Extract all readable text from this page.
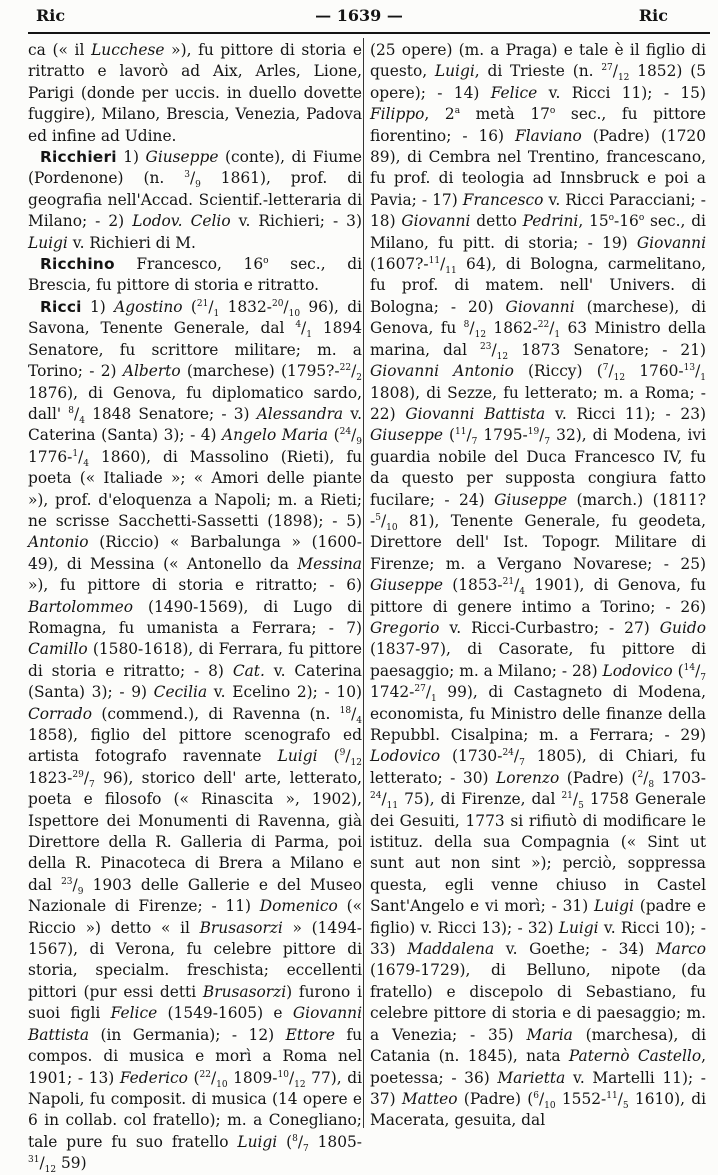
Ric	— 1639 —	Ric

ca (« il Lucchese »), fu pittore di storia e ritratto e lavorò ad Aix, Arles, Lione, Parigi (donde per uccis. in duello dovette fuggire), Milano, Brescia, Venezia, Padova ed infine ad Udine.

Ricchieri 1) Giuseppe (conte), di Fiume (Pordenone) (n. $^3/_9$ 1861), prof. di geografia nell'Accad. Scientif.-letteraria di Milano; - 2) Lodov. Celio v. Richieri; - 3) Luigi v. Richieri di M.

Ricchino Francesco, 16$^o$ sec., di Brescia, fu pittore di storia e ritratto.

Ricci 1) Agostino ($^{21}/_1$ $1832-^{20}/_{10}$ 96), di Savona, Tenente Generale, dal $^4/_1$ 1894 Senatore, fu scrittore militare; m. a Torino; - 2) Alberto (marchese) ($1795?-^{22}/_2$ 1876), di Genova, fu diplomatico sardo, dall' $^8/_4$ 1848 Senatore; - 3) Alessandra v. Caterina (Santa) 3); - 4) Angelo Maria ($^{24}/_9$ $1776-^1/_4$ 1860), di Massolino (Rieti), fu poeta (« Italiade »; « Amori delle piante »), prof. d'eloquenza a Napoli; m. a Rieti; ne scrisse Sacchetti-Sassetti (1898); - 5) Antonio (Riccio) « Barbalunga » (1600-49), di Messina (« Antonello da Messina »), fu pittore di storia e ritratto; - 6) Bartolommeo (1490-1569), di Lugo di Romagna, fu umanista a Ferrara; - 7) Camillo (1580-1618), di Ferrara, fu pittore di storia e ritratto; - 8) Cat. v. Caterina (Santa) 3); - 9) Cecilia v. Ecelino 2); - 10) Corrado (commend.), di Ravenna (n. $^{18}/_4$ 1858), figlio del pittore scenografo ed artista fotografo ravennate Luigi ($^9/_{12}$ $1823-^{29}/_7$ 96), storico dell' arte, letterato, poeta e filosofo (« Rinascita », 1902), Ispettore dei Monumenti di Ravenna, già Direttore della R. Galleria di Parma, poi della R. Pinacoteca di Brera a Milano e dal $^{23}/_9$ 1903 delle Gallerie e del Museo Nazionale di Firenze; - 11) Domenico (« Riccio ») detto « il Brusasorzi » (1494-1567), di Verona, fu celebre pittore di storia, specialm. freschista; eccellenti pittori (pur essi detti Brusasorzi) furono i suoi figli Felice (1549-1605) e Giovanni Battista (in Germania); - 12) Ettore fu compos. di musica e morì a Roma nel 1901; - 13) Federico ($^{22}/_{10}$ $1809-^{10}/_{12}$ 77), di Napoli, fu composit. di musica (14 opere e 6 in collab. col fratello); m. a Conegliano; tale pure fu suo fratello Luigi ($^8/_7$ $1805-^{31}/_{12}$ 59)

(25 opere) (m. a Praga) e tale è il figlio di questo, Luigi, di Trieste (n. $^{27}/_{12}$ 1852) (5 opere); - 14) Felice v. Ricci 11); - 15) Filippo, 2$^a$ metà 17$^o$ sec., fu pittore fiorentino; - 16) Flaviano (Padre) (1720 89), di Cembra nel Trentino, francescano, fu prof. di teologia ad Innsbruck e poi a Pavia; - 17) Francesco v. Ricci Paracciani; - 18) Giovanni detto Pedrini, 15$^o$-16$^o$ sec., di Milano, fu pitt. di storia; - 19) Giovanni ($1607?-^{11}/_{11}$ 64), di Bologna, carmelitano, fu prof. di matem. nell' Univers. di Bologna; - 20) Giovanni (marchese), di Genova, fu $^8/_{12}$ $1862-^{22}/_1$ 63 Ministro della marina, dal $^{23}/_{12}$ 1873 Senatore; - 21) Giovanni Antonio (Riccy) ($^7/_{12}$ $1760-^{13}/_1$ 1808), di Sezze, fu letterato; m. a Roma; - 22) Giovanni Battista v. Ricci 11); - 23) Giuseppe ($^{11}/_7$ $1795-^{19}/_7$ 32), di Modena, ivi guardia nobile del Duca Francesco IV, fu da questo per supposta congiura fatto fucilare; - 24) Giuseppe (march.) ($1811?-^5/_{10}$ 81), Tenente Generale, fu geodeta, Direttore dell' Ist. Topogr. Militare di Firenze; m. a Vergano Novarese; - 25) Giuseppe ($1853-^{21}/_4$ 1901), di Genova, fu pittore di genere intimo a Torino; - 26) Gregorio v. Ricci-Curbastro; - 27) Guido (1837-97), di Casorate, fu pittore di paesaggio; m. a Milano; - 28) Lodovico ($^{14}/_7$ $1742-^{27}/_1$ 99), di Castagneto di Modena, economista, fu Ministro delle finanze della Repubbl. Cisalpina; m. a Ferrara; - 29) Lodovico ($1730-^{24}/_7$ 1805), di Chiari, fu letterato; - 30) Lorenzo (Padre) ($^2/_8$ $1703-^{24}/_{11}$ 75), di Firenze, dal $^{21}/_5$ 1758 Generale dei Gesuiti, 1773 si rifiutò di modificare le istituz. della sua Compagnia (« Sint ut sunt aut non sint »); perciò, soppressa questa, egli venne chiuso in Castel Sant'Angelo e vi morì; - 31) Luigi (padre e figlio) v. Ricci 13); - 32) Luigi v. Ricci 10); - 33) Maddalena v. Goethe; - 34) Marco (1679-1729), di Belluno, nipote (da fratello) e discepolo di Sebastiano, fu celebre pittore di storia e di paesaggio; m. a Venezia; - 35) Maria (marchesa), di Catania (n. 1845), nata Paternò Castello, poetessa; - 36) Marietta v. Martelli 11); - 37) Matteo (Padre) ($^6/_{10}$ $1552-^{11}/_5$ 1610), di Macerata, gesuita, dal
